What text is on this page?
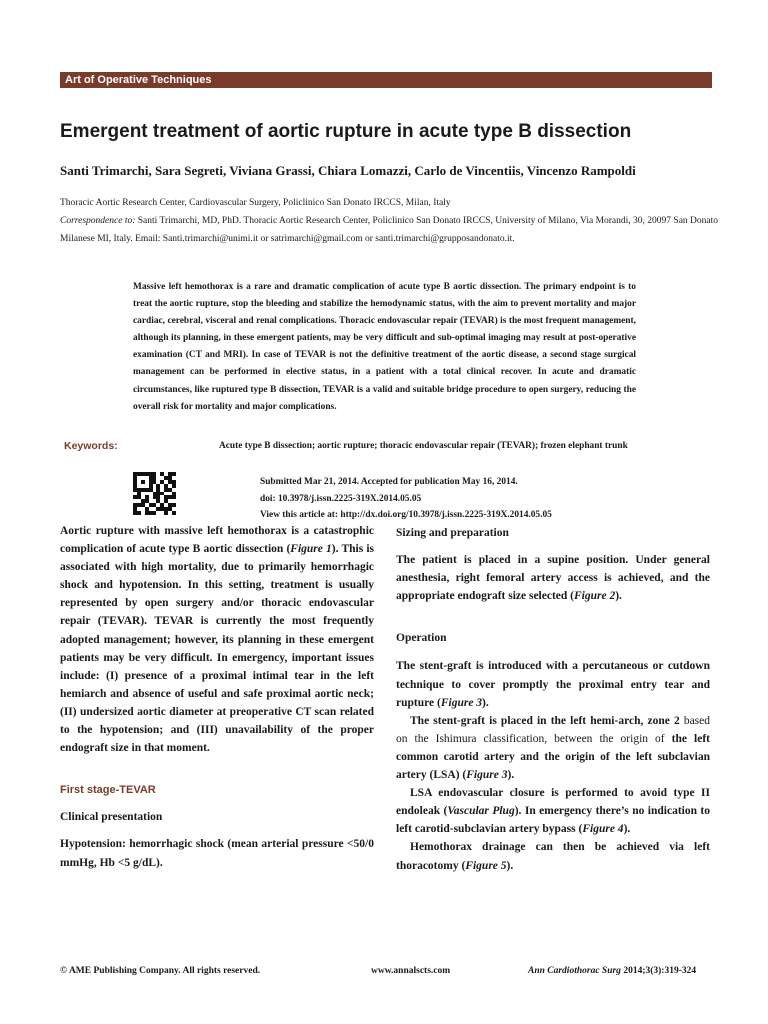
Art of Operative Techniques
Emergent treatment of aortic rupture in acute type B dissection
Santi Trimarchi, Sara Segreti, Viviana Grassi, Chiara Lomazzi, Carlo de Vincentiis, Vincenzo Rampoldi
Thoracic Aortic Research Center, Cardiovascular Surgery, Policlinico San Donato IRCCS, Milan, Italy
Correspondence to: Santi Trimarchi, MD, PhD. Thoracic Aortic Research Center, Policlinico San Donato IRCCS, University of Milano, Via Morandi, 30, 20097 San Donato Milanese MI, Italy. Email: Santi.trimarchi@unimi.it or satrimarchi@gmail.com or santi.trimarchi@grupposandonato.it.
Massive left hemothorax is a rare and dramatic complication of acute type B aortic dissection. The primary endpoint is to treat the aortic rupture, stop the bleeding and stabilize the hemodynamic status, with the aim to prevent mortality and major cardiac, cerebral, visceral and renal complications. Thoracic endovascular repair (TEVAR) is the most frequent management, although its planning, in these emergent patients, may be very difficult and sub-optimal imaging may result at post-operative examination (CT and MRI). In case of TEVAR is not the definitive treatment of the aortic disease, a second stage surgical management can be performed in elective status, in a patient with a total clinical recover. In acute and dramatic circumstances, like ruptured type B dissection, TEVAR is a valid and suitable bridge procedure to open surgery, reducing the overall risk for mortality and major complications.
Keywords:	Acute type B dissection; aortic rupture; thoracic endovascular repair (TEVAR); frozen elephant trunk
Submitted Mar 21, 2014. Accepted for publication May 16, 2014.
doi: 10.3978/j.issn.2225-319X.2014.05.05
View this article at: http://dx.doi.org/10.3978/j.issn.2225-319X.2014.05.05

Aortic rupture with massive left hemothorax is a catastrophic complication of acute type B aortic dissection (Figure 1). This is associated with high mortality, due to primarily hemorrhagic shock and hypotension. In this setting, treatment is usually represented by open surgery and/or thoracic endovascular repair (TEVAR). TEVAR is currently the most frequently adopted management; however, its planning in these emergent patients may be very difficult. In emergency, important issues include: (I) presence of a proximal intimal tear in the left hemiarch and absence of useful and safe proximal aortic neck; (II) undersized aortic diameter at preoperative CT scan related to the hypotension; and (III) unavailability of the proper endograft size in that moment.

First stage-TEVAR

Clinical presentation

Hypotension: hemorrhagic shock (mean arterial pressure <50/0 mmHg, Hb <5 g/dL).

Sizing and preparation

The patient is placed in a supine position. Under general anesthesia, right femoral artery access is achieved, and the appropriate endograft size selected (Figure 2).

Operation

The stent-graft is introduced with a percutaneous or cutdown technique to cover promptly the proximal entry tear and rupture (Figure 3).

The stent-graft is placed in the left hemi-arch, zone 2 based on the Ishimura classification, between the origin of the left common carotid artery and the origin of the left subclavian artery (LSA) (Figure 3).

LSA endovascular closure is performed to avoid type II endoleak (Vascular Plug). In emergency there’s no indication to left carotid-subclavian artery bypass (Figure 4).

Hemothorax drainage can then be achieved via left thoracotomy (Figure 5).

© AME Publishing Company. All rights reserved.	www.annalscts.com	Ann Cardiothorac Surg 2014;3(3):319-324
